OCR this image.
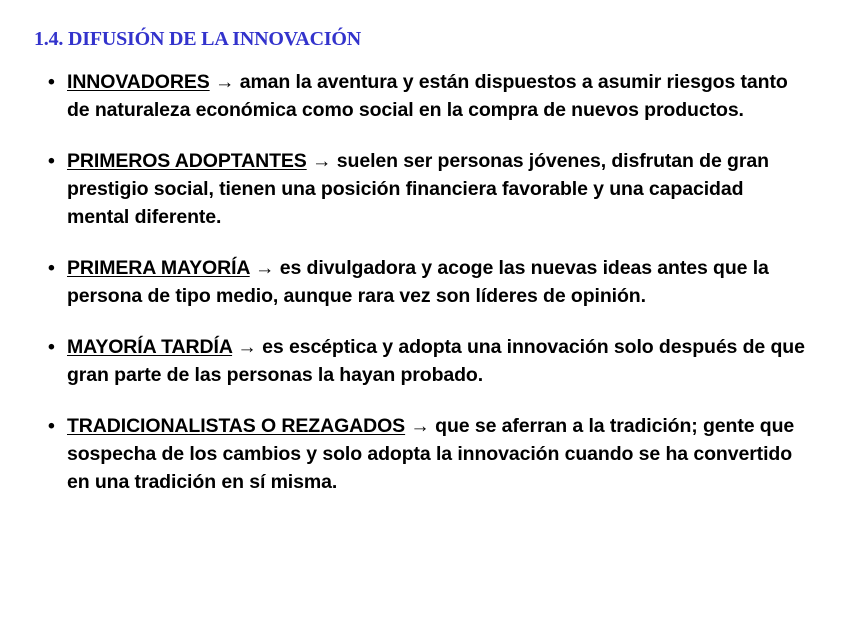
1.4. DIFUSIÓN DE LA INNOVACIÓN
• INNOVADORES → aman la aventura y están dispuestos a asumir riesgos tanto de naturaleza económica como social en la compra de nuevos productos.
• PRIMEROS ADOPTANTES → suelen ser personas jóvenes, disfrutan de gran prestigio social, tienen una posición financiera favorable y una capacidad mental diferente.
• PRIMERA MAYORÍA → es divulgadora y acoge las nuevas ideas antes que la persona de tipo medio, aunque rara vez son líderes de opinión.
• MAYORÍA TARDÍA → es escéptica y adopta una innovación solo después de que gran parte de las personas la hayan probado.
• TRADICIONALISTAS O REZAGADOS → que se aferran a la tradición; gente que sospecha de los cambios y solo adopta la innovación cuando se ha convertido en una tradición en sí misma.
